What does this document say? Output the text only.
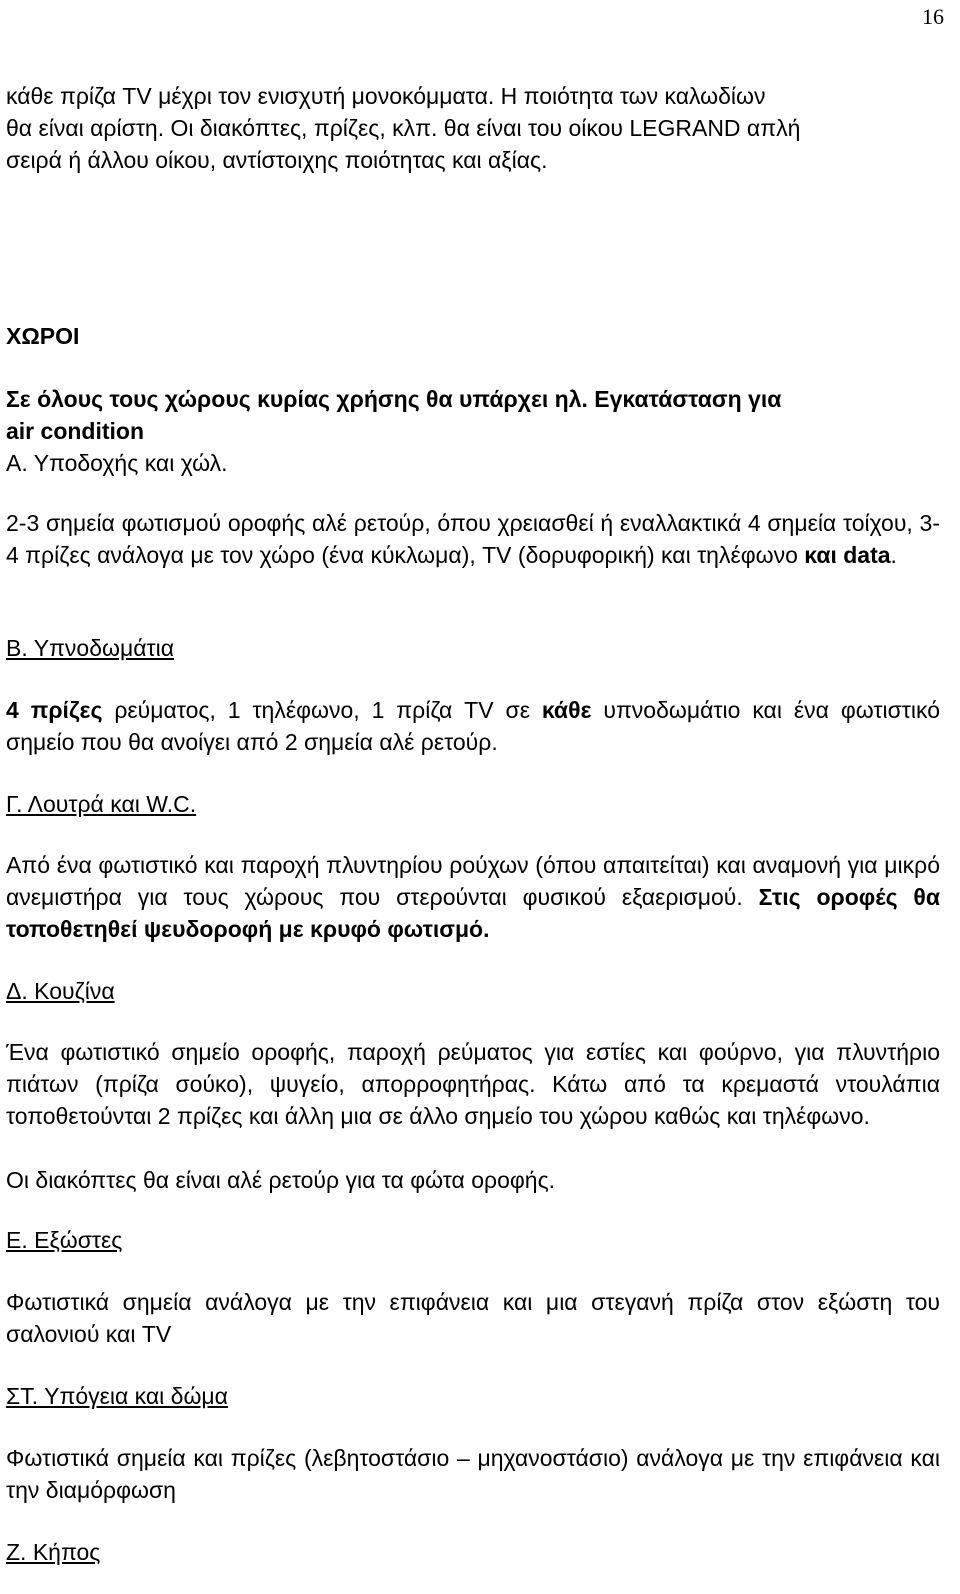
16
κάθε πρίζα TV μέχρι τον ενισχυτή μονοκόμματα. Η ποιότητα των καλωδίων
θα είναι αρίστη. Οι διακόπτες, πρίζες, κλπ. θα είναι του οίκου LEGRAND απλή
σειρά ή άλλου οίκου, αντίστοιχης ποιότητας και αξίας.
ΧΩΡΟΙ
Σε όλους τους χώρους κυρίας χρήσης θα υπάρχει ηλ. Εγκατάσταση για
air condition
Α. Υποδοχής και χώλ.

2-3 σημεία φωτισμού οροφής αλέ ρετούρ, όπου χρειασθεί ή εναλλακτικά 4 σημεία τοίχου, 3-4 πρίζες ανάλογα με τον χώρο (ένα κύκλωμα), TV (δορυφορική) και τηλέφωνο και data.

Β. Υπνοδωμάτια

4 πρίζες ρεύματος, 1 τηλέφωνο, 1 πρίζα TV σε κάθε υπνοδωμάτιο και ένα φωτιστικό σημείο που θα ανοίγει από 2 σημεία αλέ ρετούρ.

Γ. Λουτρά και W.C.

Από ένα φωτιστικό και παροχή πλυντηρίου ρούχων (όπου απαιτείται) και αναμονή για μικρό ανεμιστήρα για τους χώρους που στερούνται φυσικού εξαερισμού. Στις οροφές θα τοποθετηθεί ψευδοροφή με κρυφό φωτισμό.

Δ. Κουζίνα

Ένα φωτιστικό σημείο οροφής, παροχή ρεύματος για εστίες και φούρνο, για πλυντήριο πιάτων (πρίζα σούκο), ψυγείο, απορροφητήρας. Κάτω από τα κρεμαστά ντουλάπια τοποθετούνται 2 πρίζες και άλλη μια σε άλλο σημείο του χώρου καθώς και τηλέφωνο.

Οι διακόπτες θα είναι αλέ ρετούρ για τα φώτα οροφής.
Ε. Εξώστες

Φωτιστικά σημεία ανάλογα με την επιφάνεια και μια στεγανή πρίζα στον εξώστη του σαλονιού και TV

ΣΤ. Υπόγεια και δώμα

Φωτιστικά σημεία και πρίζες (λεβητοστάσιο – μηχανοστάσιο) ανάλογα με την επιφάνεια και την διαμόρφωση

Ζ. Κήπος
